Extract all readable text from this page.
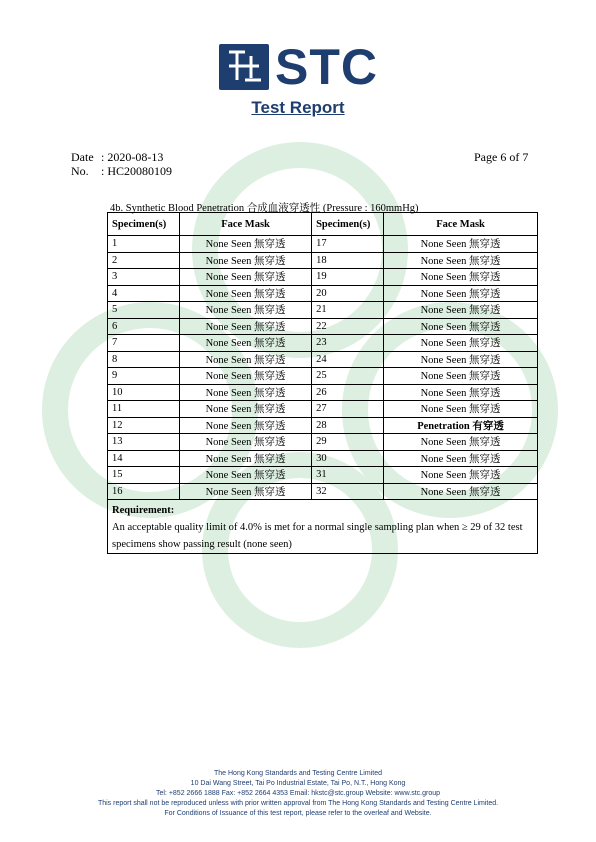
STC
Test Report
Date : 2020-08-13
No. : HC20080109
Page 6 of 7
4b. Synthetic Blood Penetration 合成血液穿透性 (Pressure : 160mmHg)
Specimen(s)	Face Mask	Specimen(s)	Face Mask
1	None Seen 無穿透	17	None Seen 無穿透
2	None Seen 無穿透	18	None Seen 無穿透
3	None Seen 無穿透	19	None Seen 無穿透
4	None Seen 無穿透	20	None Seen 無穿透
5	None Seen 無穿透	21	None Seen 無穿透
6	None Seen 無穿透	22	None Seen 無穿透
7	None Seen 無穿透	23	None Seen 無穿透
8	None Seen 無穿透	24	None Seen 無穿透
9	None Seen 無穿透	25	None Seen 無穿透
10	None Seen 無穿透	26	None Seen 無穿透
11	None Seen 無穿透	27	None Seen 無穿透
12	None Seen 無穿透	28	Penetration 有穿透
13	None Seen 無穿透	29	None Seen 無穿透
14	None Seen 無穿透	30	None Seen 無穿透
15	None Seen 無穿透	31	None Seen 無穿透
16	None Seen 無穿透	32	None Seen 無穿透
Requirement:			
An acceptable quality limit of 4.0% is met for a normal single sampling plan when ≥ 29 of 32 test specimens show passing result (none seen)			
The Hong Kong Standards and Testing Centre Limited
10 Dai Wang Street, Tai Po Industrial Estate, Tai Po, N.T., Hong Kong
Tel: +852 2666 1888 Fax: +852 2664 4353 Email: hkstc@stc.group Website: www.stc.group
This report shall not be reproduced unless with prior written approval from The Hong Kong Standards and Testing Centre Limited.
For Conditions of Issuance of this test report, please refer to the overleaf and Website.
